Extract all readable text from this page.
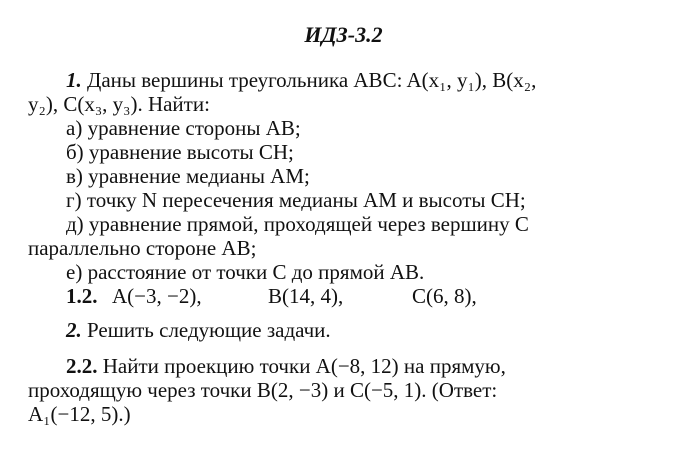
ИДЗ-3.2
1. Даны вершины треугольника ABC: A(x₁, y₁), B(x₂,
y₂), C(x₃, y₃). Найти:
а) уравнение стороны AB;
б) уравнение высоты CH;
в) уравнение медианы AM;
г) точку N пересечения медианы AM и высоты CH;
д) уравнение прямой, проходящей через вершину C
параллельно стороне AB;
е) расстояние от точки C до прямой AB.
1.2. A(−3, −2),	B(14, 4),	C(6, 8),
2. Решить следующие задачи.
2.2. Найти проекцию точки A(−8, 12) на прямую,
проходящую через точки B(2, −3) и C(−5, 1). (Ответ:
A₁(−12, 5).)
